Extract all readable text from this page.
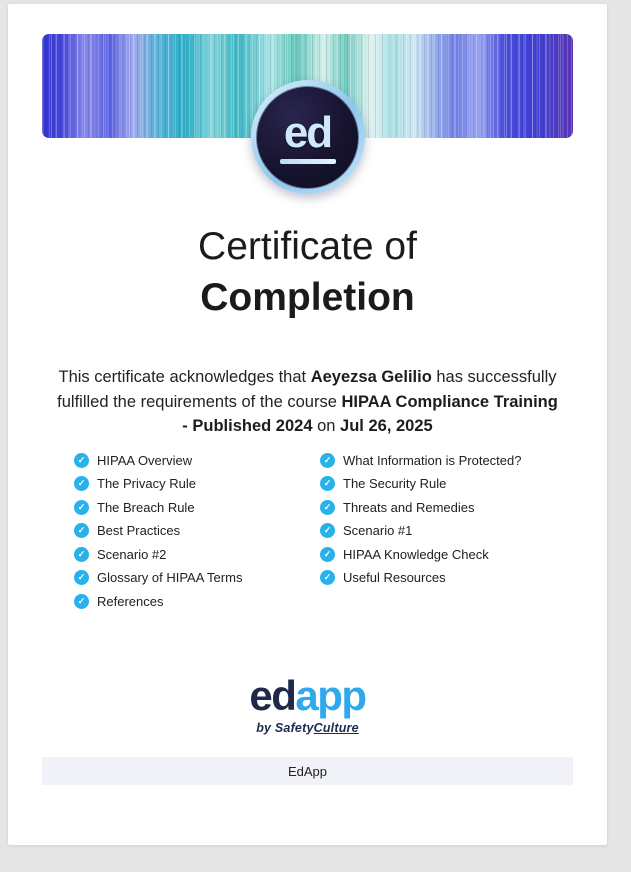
ed
Certificate of
Completion

This certificate acknowledges that Aeyezsa Gelilio has successfully fulfilled the requirements of the course HIPAA Compliance Training - Published 2024 on Jul 26, 2025

✓ HIPAA Overview
✓ The Privacy Rule
✓ The Breach Rule
✓ Best Practices
✓ Scenario #2
✓ Glossary of HIPAA Terms
✓ References
✓ What Information is Protected?
✓ The Security Rule
✓ Threats and Remedies
✓ Scenario #1
✓ HIPAA Knowledge Check
✓ Useful Resources
edapp
by SafetyCulture
EdApp
